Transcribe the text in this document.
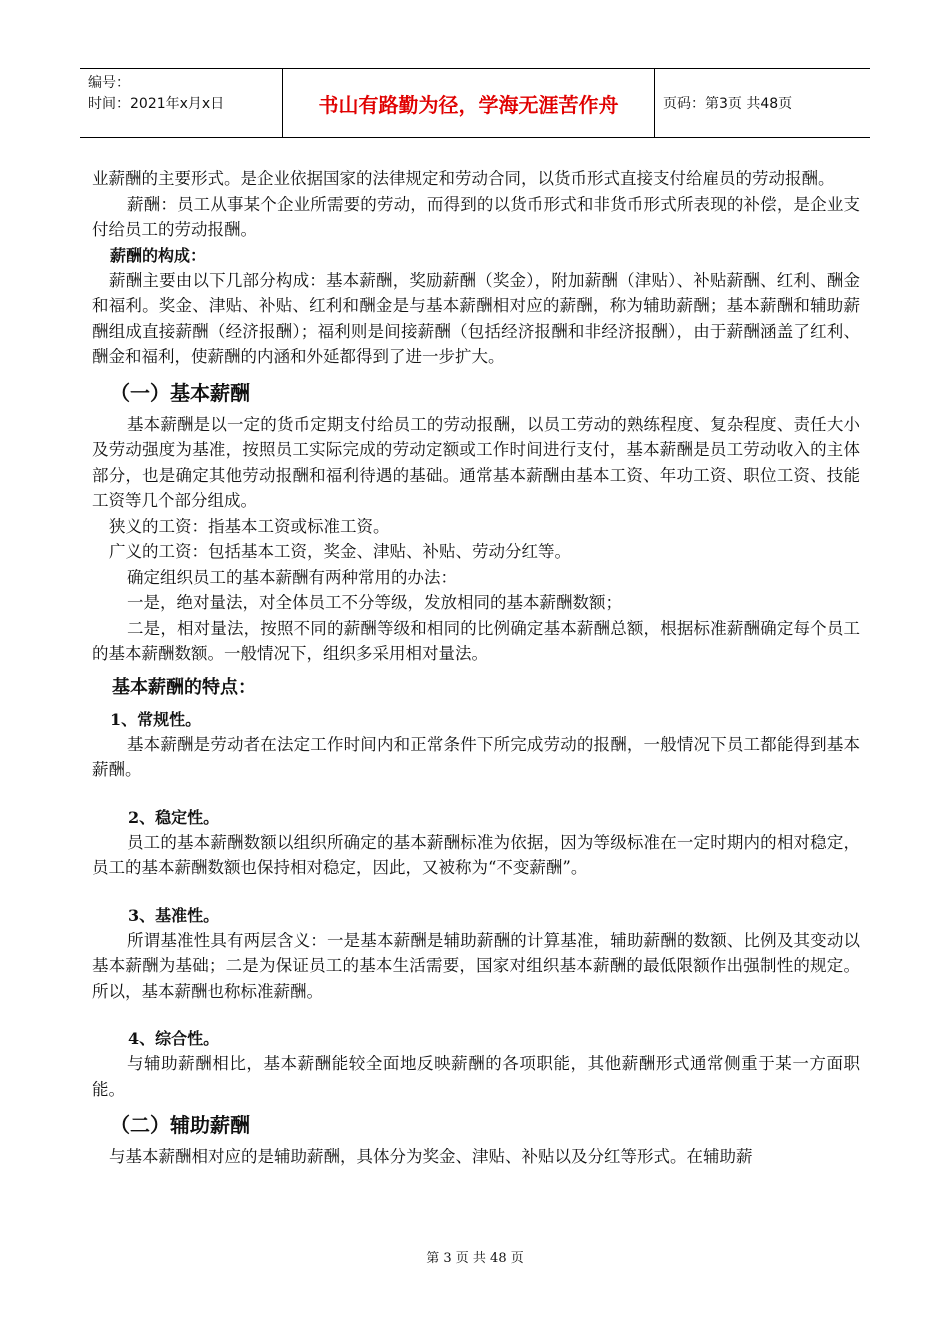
编号：
时间：2021年x月x日	书山有路勤为径，学海无涯苦作舟	页码：第3页 共48页

业薪酬的主要形式。是企业依据国家的法律规定和劳动合同，以货币形式直接支付给雇员的劳动报酬。

薪酬：员工从事某个企业所需要的劳动，而得到的以货币形式和非货币形式所表现的补偿，是企业支付给员工的劳动报酬。

薪酬的构成：

薪酬主要由以下几部分构成：基本薪酬，奖励薪酬（奖金），附加薪酬（津贴）、补贴薪酬、红利、酬金和福利。奖金、津贴、补贴、红利和酬金是与基本薪酬相对应的薪酬，称为辅助薪酬；基本薪酬和辅助薪酬组成直接薪酬（经济报酬）；福利则是间接薪酬（包括经济报酬和非经济报酬），由于薪酬涵盖了红利、酬金和福利，使薪酬的内涵和外延都得到了进一步扩大。

（一）基本薪酬

基本薪酬是以一定的货币定期支付给员工的劳动报酬，以员工劳动的熟练程度、复杂程度、责任大小及劳动强度为基准，按照员工实际完成的劳动定额或工作时间进行支付，基本薪酬是员工劳动收入的主体部分，也是确定其他劳动报酬和福利待遇的基础。通常基本薪酬由基本工资、年功工资、职位工资、技能工资等几个部分组成。

狭义的工资：指基本工资或标准工资。

广义的工资：包括基本工资，奖金、津贴、补贴、劳动分红等。

确定组织员工的基本薪酬有两种常用的办法：

一是，绝对量法，对全体员工不分等级，发放相同的基本薪酬数额；

二是，相对量法，按照不同的薪酬等级和相同的比例确定基本薪酬总额，根据标准薪酬确定每个员工的基本薪酬数额。一般情况下，组织多采用相对量法。

基本薪酬的特点：

1、常规性。

基本薪酬是劳动者在法定工作时间内和正常条件下所完成劳动的报酬，一般情况下员工都能得到基本薪酬。

2、稳定性。

员工的基本薪酬数额以组织所确定的基本薪酬标准为依据，因为等级标准在一定时期内的相对稳定，员工的基本薪酬数额也保持相对稳定，因此，又被称为“不变薪酬”。

3、基准性。

所谓基准性具有两层含义：一是基本薪酬是辅助薪酬的计算基准，辅助薪酬的数额、比例及其变动以基本薪酬为基础；二是为保证员工的基本生活需要，国家对组织基本薪酬的最低限额作出强制性的规定。所以，基本薪酬也称标准薪酬。

4、综合性。

与辅助薪酬相比，基本薪酬能较全面地反映薪酬的各项职能，其他薪酬形式通常侧重于某一方面职能。

（二）辅助薪酬

与基本薪酬相对应的是辅助薪酬，具体分为奖金、津贴、补贴以及分红等形式。在辅助薪

第 3 页 共 48 页
